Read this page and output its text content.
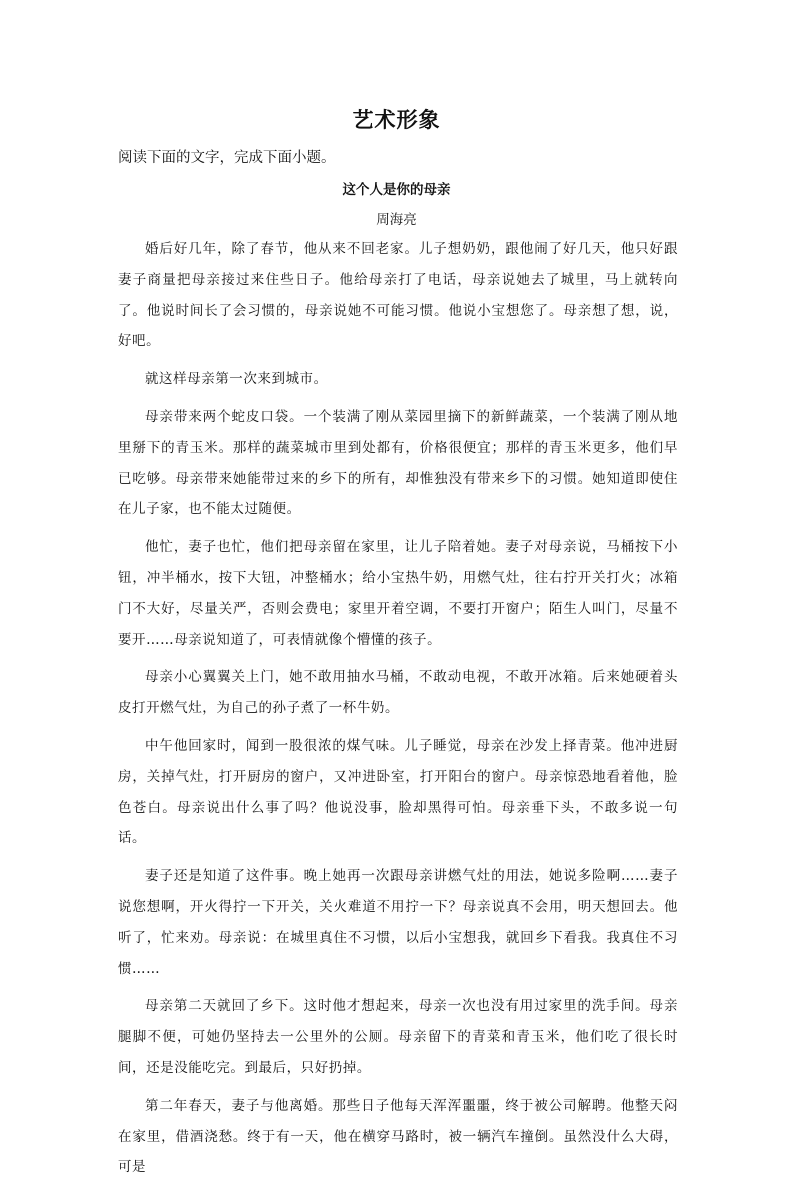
艺术形象
阅读下面的文字，完成下面小题。
这个人是你的母亲
周海亮

婚后好几年，除了春节，他从来不回老家。儿子想奶奶，跟他闹了好几天，他只好跟妻子商量把母亲接过来住些日子。他给母亲打了电话，母亲说她去了城里，马上就转向了。他说时间长了会习惯的，母亲说她不可能习惯。他说小宝想您了。母亲想了想，说，好吧。

就这样母亲第一次来到城市。

母亲带来两个蛇皮口袋。一个装满了刚从菜园里摘下的新鲜蔬菜，一个装满了刚从地里掰下的青玉米。那样的蔬菜城市里到处都有，价格很便宜；那样的青玉米更多，他们早已吃够。母亲带来她能带过来的乡下的所有，却惟独没有带来乡下的习惯。她知道即使住在儿子家，也不能太过随便。

他忙，妻子也忙，他们把母亲留在家里，让儿子陪着她。妻子对母亲说，马桶按下小钮，冲半桶水，按下大钮，冲整桶水；给小宝热牛奶，用燃气灶，往右拧开关打火；冰箱门不大好，尽量关严，否则会费电；家里开着空调，不要打开窗户；陌生人叫门，尽量不要开……母亲说知道了，可表情就像个懵懂的孩子。

母亲小心翼翼关上门，她不敢用抽水马桶，不敢动电视，不敢开冰箱。后来她硬着头皮打开燃气灶，为自己的孙子煮了一杯牛奶。

中午他回家时，闻到一股很浓的煤气味。儿子睡觉，母亲在沙发上择青菜。他冲进厨房，关掉气灶，打开厨房的窗户，又冲进卧室，打开阳台的窗户。母亲惊恐地看着他，脸色苍白。母亲说出什么事了吗？他说没事，脸却黑得可怕。母亲垂下头，不敢多说一句话。

妻子还是知道了这件事。晚上她再一次跟母亲讲燃气灶的用法，她说多险啊……妻子说您想啊，开火得拧一下开关，关火难道不用拧一下？母亲说真不会用，明天想回去。他听了，忙来劝。母亲说：在城里真住不习惯，以后小宝想我，就回乡下看我。我真住不习惯……

母亲第二天就回了乡下。这时他才想起来，母亲一次也没有用过家里的洗手间。母亲腿脚不便，可她仍坚持去一公里外的公厕。母亲留下的青菜和青玉米，他们吃了很长时间，还是没能吃完。到最后，只好扔掉。

第二年春天，妻子与他离婚。那些日子他每天浑浑噩噩，终于被公司解聘。他整天闷在家里，借酒浇愁。终于有一天，他在横穿马路时，被一辆汽车撞倒。虽然没什么大碍，可是
